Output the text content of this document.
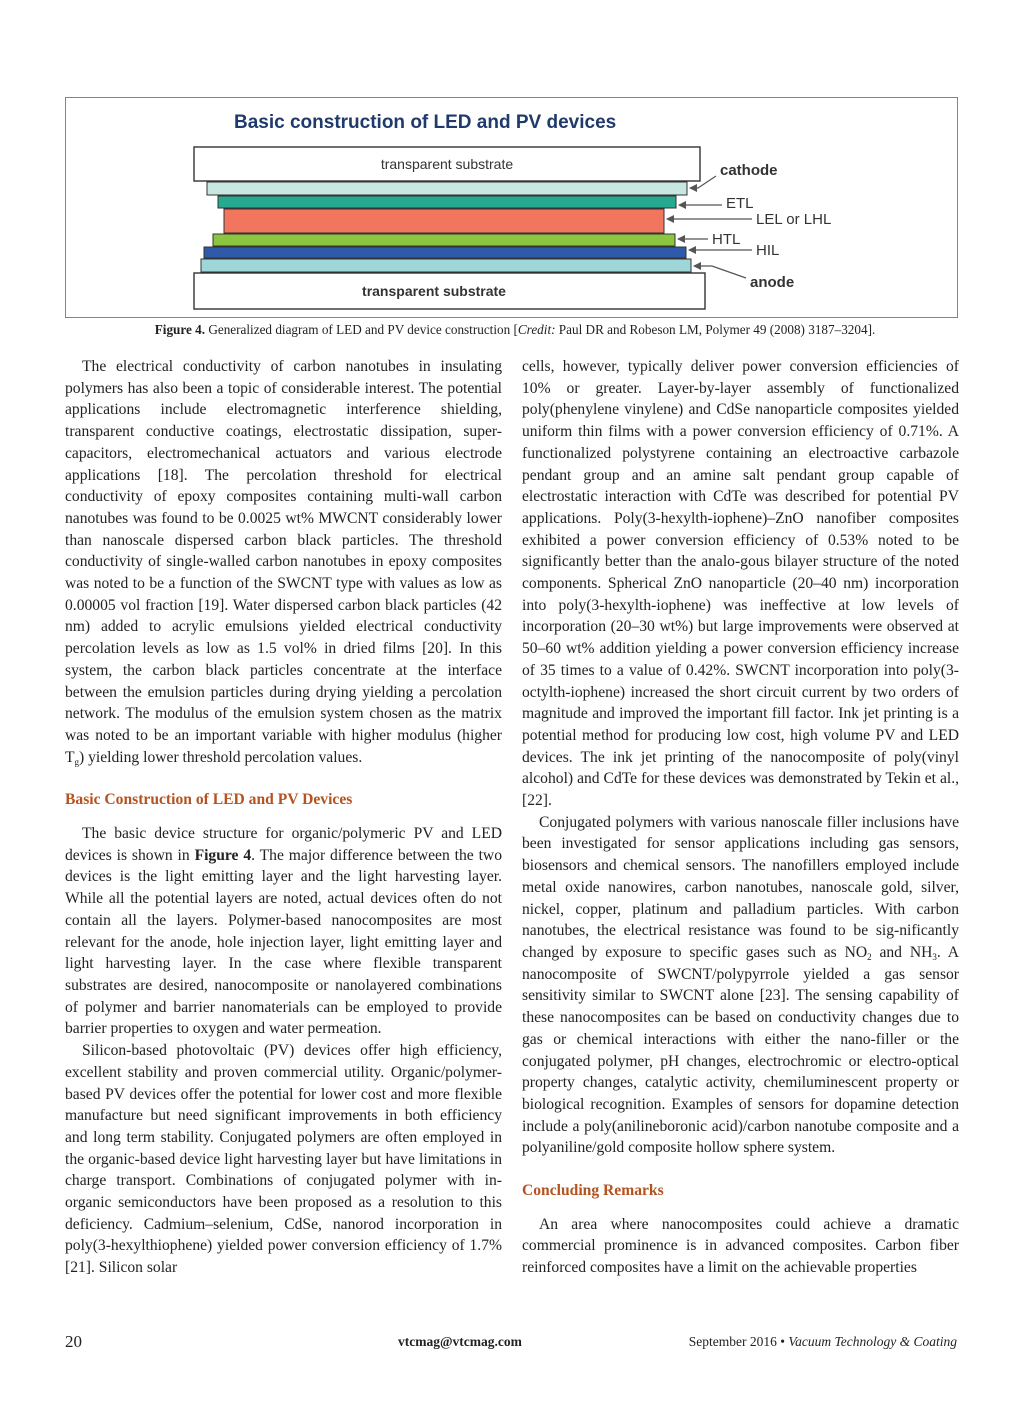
Basic construction of LED and PV devices
transparent substrate
transparent substrate
cathode
ETL
LEL or LHL
HTL
HIL
anode
Figure 4. Generalized diagram of LED and PV device construction [Credit: Paul DR and Robeson LM, Polymer 49 (2008) 3187–3204].

The electrical conductivity of carbon nanotubes in insulating polymers has also been a topic of considerable interest. The potential applications include electromagnetic interference shielding, transparent conductive coatings, electrostatic dissipation, super-capacitors, electromechanical actuators and various electrode applications [18]. The percolation threshold for electrical conductivity of epoxy composites containing multi-wall carbon nanotubes was found to be 0.0025 wt% MWCNT considerably lower than nanoscale dispersed carbon black particles. The threshold conductivity of single-walled carbon nanotubes in epoxy composites was noted to be a function of the SWCNT type with values as low as 0.00005 vol fraction [19]. Water dispersed carbon black particles (42 nm) added to acrylic emulsions yielded electrical conductivity percolation levels as low as 1.5 vol% in dried films [20]. In this system, the carbon black particles concentrate at the interface between the emulsion particles during drying yielding a percolation network. The modulus of the emulsion system chosen as the matrix was noted to be an important variable with higher modulus (higher $T_g$) yielding lower threshold percolation values.

Basic Construction of LED and PV Devices

The basic device structure for organic/polymeric PV and LED devices is shown in Figure 4. The major difference between the two devices is the light emitting layer and the light harvesting layer. While all the potential layers are noted, actual devices often do not contain all the layers. Polymer-based nanocomposites are most relevant for the anode, hole injection layer, light emitting layer and light harvesting layer. In the case where flexible transparent substrates are desired, nanocomposite or nanolayered combinations of polymer and barrier nanomaterials can be employed to provide barrier properties to oxygen and water permeation.

Silicon-based photovoltaic (PV) devices offer high efficiency, excellent stability and proven commercial utility. Organic/polymer-based PV devices offer the potential for lower cost and more flexible manufacture but need significant improvements in both efficiency and long term stability. Conjugated polymers are often employed in the organic-based device light harvesting layer but have limitations in charge transport. Combinations of conjugated polymer with in-organic semiconductors have been proposed as a resolution to this deficiency. Cadmium–selenium, CdSe, nanorod incorporation in poly(3-hexylthiophene) yielded power conversion efficiency of 1.7% [21]. Silicon solar

cells, however, typically deliver power conversion efficiencies of 10% or greater. Layer-by-layer assembly of functionalized poly(phenylene vinylene) and CdSe nanoparticle composites yielded uniform thin films with a power conversion efficiency of 0.71%. A functionalized polystyrene containing an electroactive carbazole pendant group and an amine salt pendant group capable of electrostatic interaction with CdTe was described for potential PV applications. Poly(3-hexylth-iophene)–ZnO nanofiber composites exhibited a power conversion efficiency of 0.53% noted to be significantly better than the analo-gous bilayer structure of the noted components. Spherical ZnO nanoparticle (20–40 nm) incorporation into poly(3-hexylth-iophene) was ineffective at low levels of incorporation (20–30 wt%) but large improvements were observed at 50–60 wt% addition yielding a power conversion efficiency increase of 35 times to a value of 0.42%. SWCNT incorporation into poly(3-octylth-iophene) increased the short circuit current by two orders of magnitude and improved the important fill factor. Ink jet printing is a potential method for producing low cost, high volume PV and LED devices. The ink jet printing of the nanocomposite of poly(vinyl alcohol) and CdTe for these devices was demonstrated by Tekin et al., [22].

Conjugated polymers with various nanoscale filler inclusions have been investigated for sensor applications including gas sensors, biosensors and chemical sensors. The nanofillers employed include metal oxide nanowires, carbon nanotubes, nanoscale gold, silver, nickel, copper, platinum and palladium particles. With carbon nanotubes, the electrical resistance was found to be sig-nificantly changed by exposure to specific gases such as $NO_2$ and $NH_3$. A nanocomposite of SWCNT/polypyrrole yielded a gas sensor sensitivity similar to SWCNT alone [23]. The sensing capability of these nanocomposites can be based on conductivity changes due to gas or chemical interactions with either the nano-filler or the conjugated polymer, pH changes, electrochromic or electro-optical property changes, catalytic activity, chemiluminescent property or biological recognition. Examples of sensors for dopamine detection include a poly(anilineboronic acid)/carbon nanotube composite and a polyaniline/gold composite hollow sphere system.

Concluding Remarks

An area where nanocomposites could achieve a dramatic commercial prominence is in advanced composites. Carbon fiber reinforced composites have a limit on the achievable properties

20	vtcmag@vtcmag.com	September 2016 • Vacuum Technology & Coating
